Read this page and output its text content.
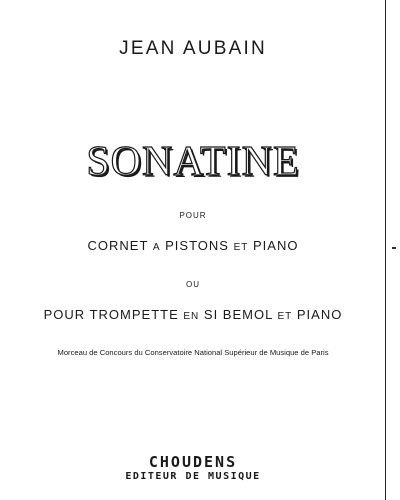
JEAN AUBAIN
SONATINE
POUR
CORNET A PISTONS ET PIANO
OU
POUR TROMPETTE EN SI BEMOL ET PIANO
Morceau de Concours du Conservatoire National Supérieur de Musique de Paris
CHOUDENS
EDITEUR DE MUSIQUE
